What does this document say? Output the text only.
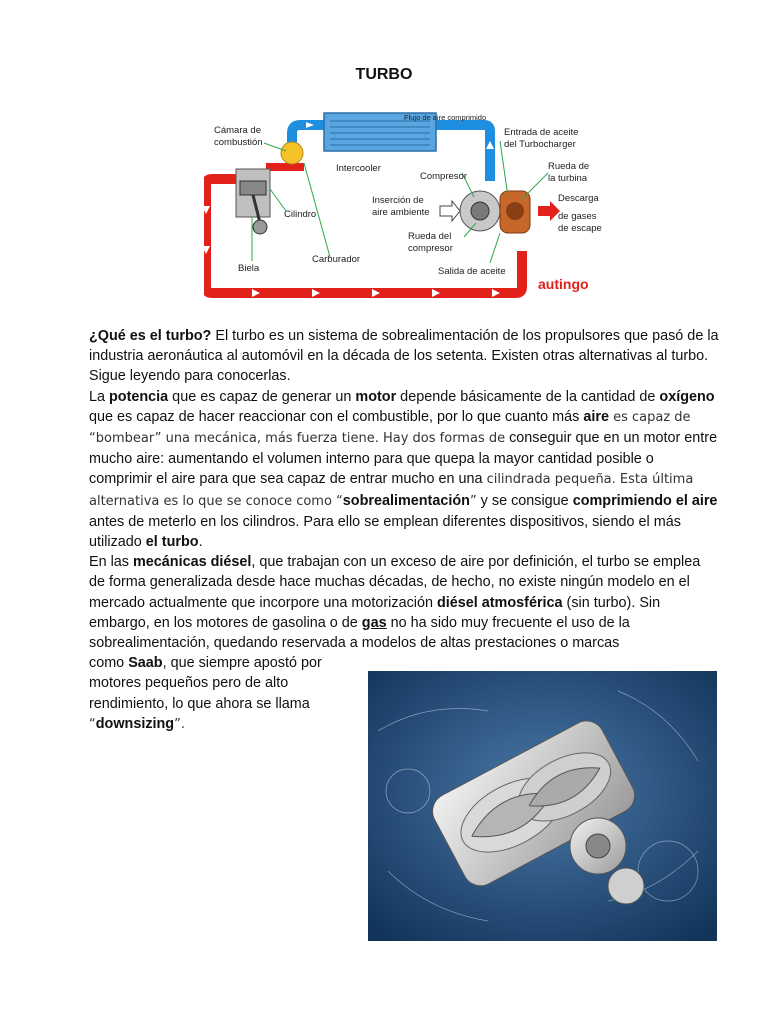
TURBO
Cámara de
combustión
Flujo de aire comprimido
Entrada de aceite
del Turbocharger
Intercooler
Compresor
Rueda de
la turbina
Inserción de
aire ambiente
Descarga
de gases
de escape
Cilindro
Rueda del
compresor
Carburador
Biela	Salida de aceite
autingo

¿Qué es el turbo? El turbo es un sistema de sobrealimentación de los propulsores que pasó de la industria aeronáutica al automóvil en la década de los setenta. Existen otras alternativas al turbo. Sigue leyendo para conocerlas.

La potencia que es capaz de generar un motor depende básicamente de la cantidad de oxígeno que es capaz de hacer reaccionar con el combustible, por lo que cuanto más aire es capaz de “bombear” una mecánica, más fuerza tiene. Hay dos formas de conseguir que en un motor entre mucho aire: aumentando el volumen interno para que quepa la mayor cantidad posible o comprimir el aire para que sea capaz de entrar mucho en una cilindrada pequeña. Esta última alternativa es lo que se conoce como “sobrealimentación” y se consigue comprimiendo el aire antes de meterlo en los cilindros. Para ello se emplean diferentes dispositivos, siendo el más utilizado el turbo.

En las mecánicas diésel, que trabajan con un exceso de aire por definición, el turbo se emplea de forma generalizada desde hace muchas décadas, de hecho, no existe ningún modelo en el mercado actualmente que incorpore una motorización diésel atmosférica (sin turbo). Sin embargo, en los motores de gasolina o de gas no ha sido muy frecuente el uso de la sobrealimentación, quedando reservada a modelos de altas prestaciones o marcas

como Saab, que siempre apostó por motores pequeños pero de alto rendimiento, lo que ahora se llama “downsizing”.
